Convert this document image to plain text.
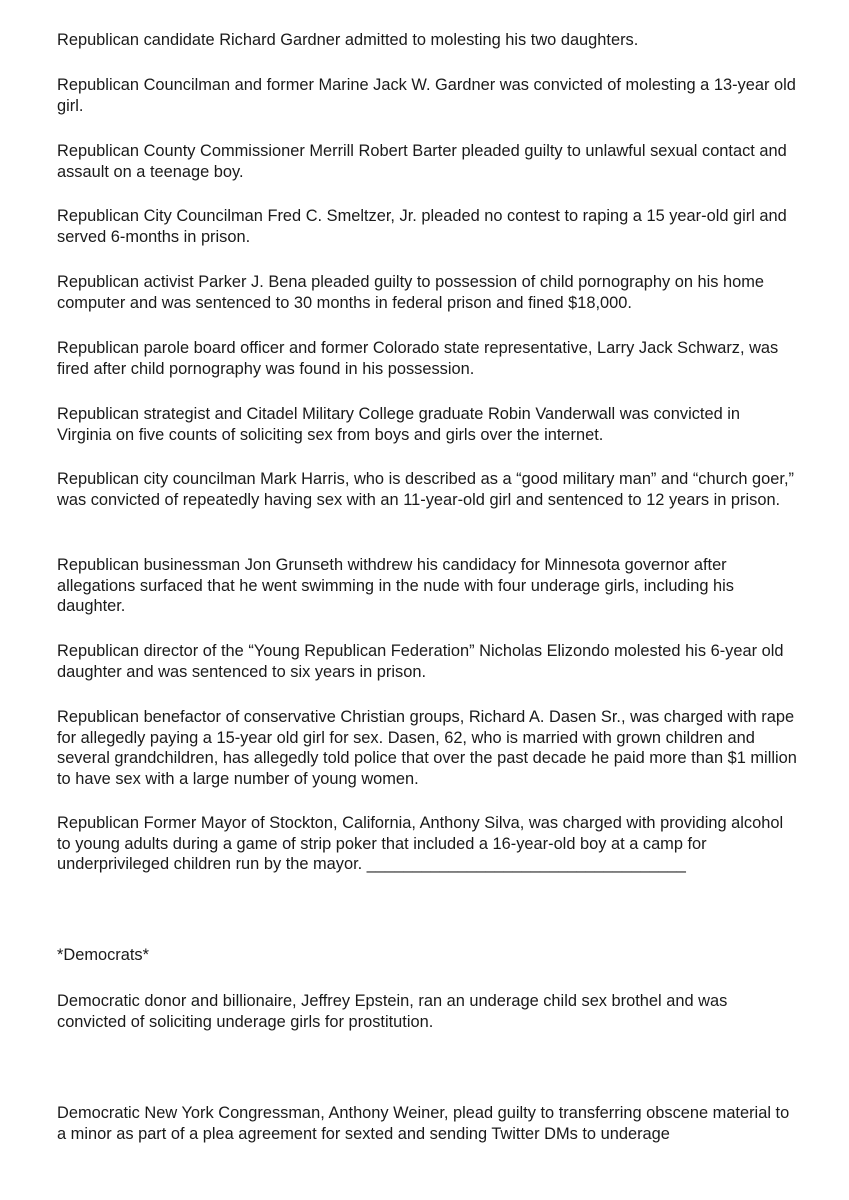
Republican candidate Richard Gardner admitted to molesting his two daughters.

Republican Councilman and former Marine Jack W. Gardner was convicted of molesting a 13-year old girl.

Republican County Commissioner Merrill Robert Barter pleaded guilty to unlawful sexual contact and assault on a teenage boy.

Republican City Councilman Fred C. Smeltzer, Jr. pleaded no contest to raping a 15 year-old girl and served 6-months in prison.

Republican activist Parker J. Bena pleaded guilty to possession of child pornography on his home computer and was sentenced to 30 months in federal prison and fined $18,000.

Republican parole board officer and former Colorado state representative, Larry Jack Schwarz, was fired after child pornography was found in his possession.

Republican strategist and Citadel Military College graduate Robin Vanderwall was convicted in Virginia on five counts of soliciting sex from boys and girls over the internet.

Republican city councilman Mark Harris, who is described as a “good military man” and “church goer,” was convicted of repeatedly having sex with an 11-year-old girl and sentenced to 12 years in prison.

Republican businessman Jon Grunseth withdrew his candidacy for Minnesota governor after allegations surfaced that he went swimming in the nude with four underage girls, including his daughter.

Republican director of the “Young Republican Federation” Nicholas Elizondo molested his 6-year old daughter and was sentenced to six years in prison.

Republican benefactor of conservative Christian groups, Richard A. Dasen Sr., was charged with rape for allegedly paying a 15-year old girl for sex. Dasen, 62, who is married with grown children and several grandchildren, has allegedly told police that over the past decade he paid more than $1 million to have sex with a large number of young women.

Republican Former Mayor of Stockton, California, Anthony Silva, was charged with providing alcohol to young adults during a game of strip poker that included a 16-year-old boy at a camp for underprivileged children run by the mayor. ___________________________________

*Democrats*

Democratic donor and billionaire, Jeffrey Epstein, ran an underage child sex brothel and was convicted of soliciting underage girls for prostitution.

Democratic New York Congressman, Anthony Weiner, plead guilty to transferring obscene material to a minor as part of a plea agreement for sexted and sending Twitter DMs to underage
